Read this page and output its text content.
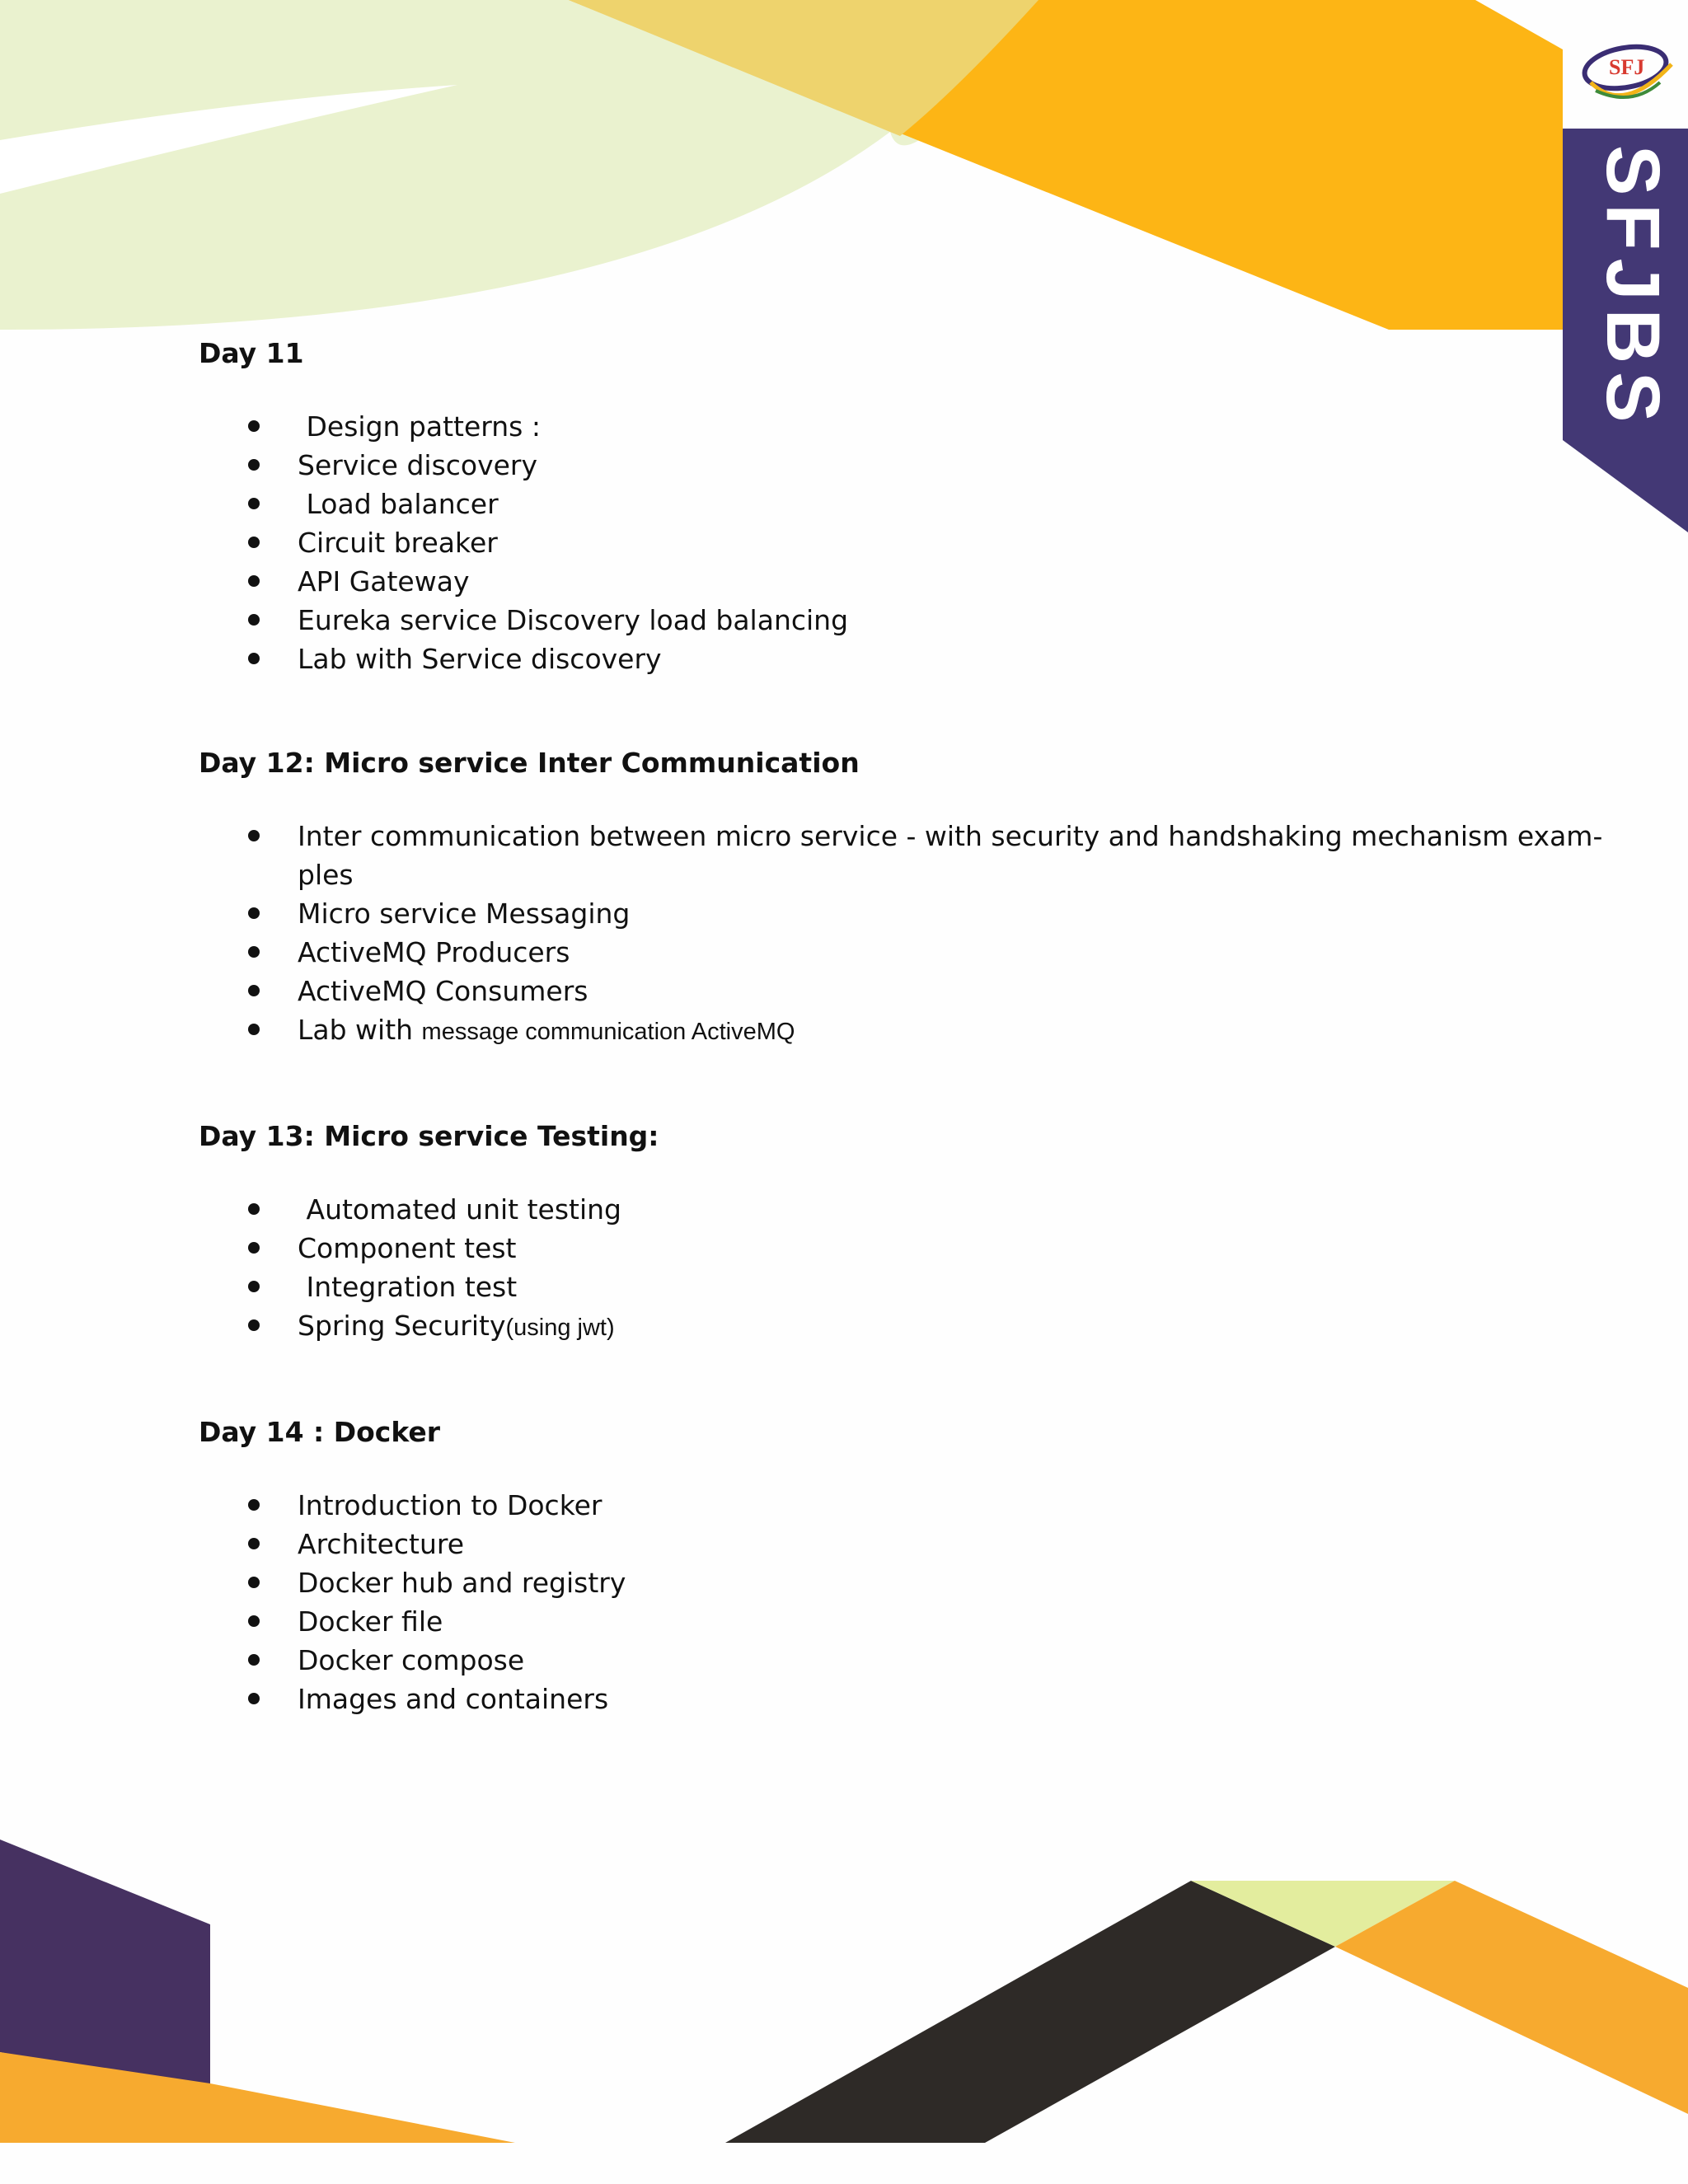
SFJ
SFJBS
Day 11
Design patterns :
Service discovery
Load balancer
Circuit breaker
API Gateway
Eureka service Discovery load balancing
Lab with Service discovery
Day 12: Micro service Inter Communication
Inter communication between micro service - with security and handshaking mechanism exam-
ples
Micro service Messaging
ActiveMQ Producers
ActiveMQ Consumers
Lab with message communication ActiveMQ
Day 13: Micro service Testing:
Automated unit testing
Component test
Integration test
Spring Security(using jwt)
Day 14 : Docker
Introduction to Docker
Architecture
Docker hub and registry
Docker file
Docker compose
Images and containers
